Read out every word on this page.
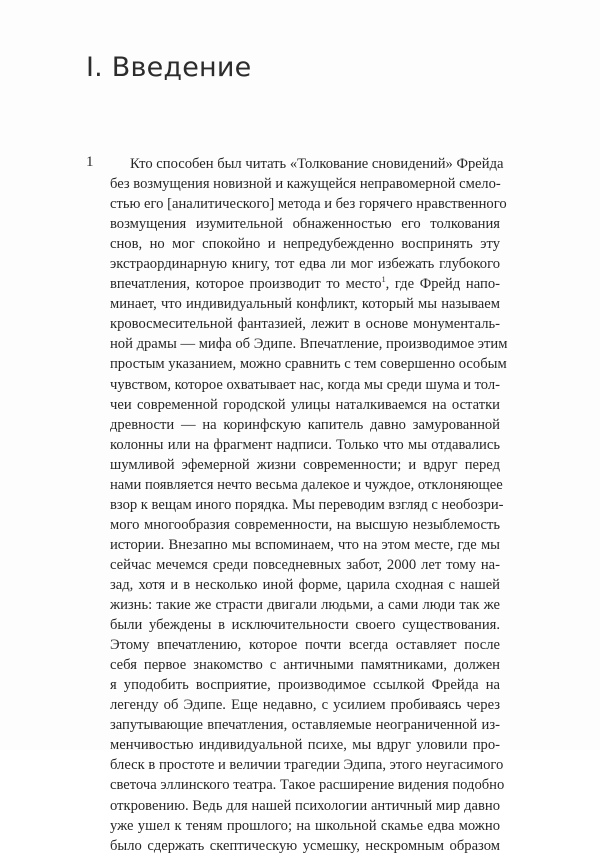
I. Введение
1	Кто способен был читать «Толкование сновидений» Фрейда
без возмущения новизной и кажущейся неправомерной смело-
стью его [аналитического] метода и без горячего нравственного
возмущения изумительной обнаженностью его толкования
снов, но мог спокойно и непредубежденно воспринять эту
экстраординарную книгу, тот едва ли мог избежать глубокого
впечатления, которое производит то место$^1$, где Фрейд напо-
минает, что индивидуальный конфликт, который мы называем
кровосмесительной фантазией, лежит в основе монументаль-
ной драмы — мифа об Эдипе. Впечатление, производимое этим
простым указанием, можно сравнить с тем совершенно особым
чувством, которое охватывает нас, когда мы среди шума и тол-
чеи современной городской улицы наталкиваемся на остатки
древности — на коринфскую капитель давно замурованной
колонны или на фрагмент надписи. Только что мы отдавались
шумливой эфемерной жизни современности; и вдруг перед
нами появляется нечто весьма далекое и чуждое, отклоняющее
взор к вещам иного порядка. Мы переводим взгляд с необозри-
мого многообразия современности, на высшую незыблемость
истории. Внезапно мы вспоминаем, что на этом месте, где мы
сейчас мечемся среди повседневных забот, 2000 лет тому на-
зад, хотя и в несколько иной форме, царила сходная с нашей
жизнь: такие же страсти двигали людьми, а сами люди так же
были убеждены в исключительности своего существования.
Этому впечатлению, которое почти всегда оставляет после
себя первое знакомство с античными памятниками, должен
я уподобить восприятие, производимое ссылкой Фрейда на
легенду об Эдипе. Еще недавно, с усилием пробиваясь через
запутывающие впечатления, оставляемые неограниченной из-
менчивостью индивидуальной психе, мы вдруг уловили про-
блеск в простоте и величии трагедии Эдипа, этого неугасимого
светоча эллинского театра. Такое расширение видения подобно
откровению. Ведь для нашей психологии античный мир давно
уже ушел к теням прошлого; на школьной скамье едва можно
было сдержать скептическую усмешку, нескромным образом
